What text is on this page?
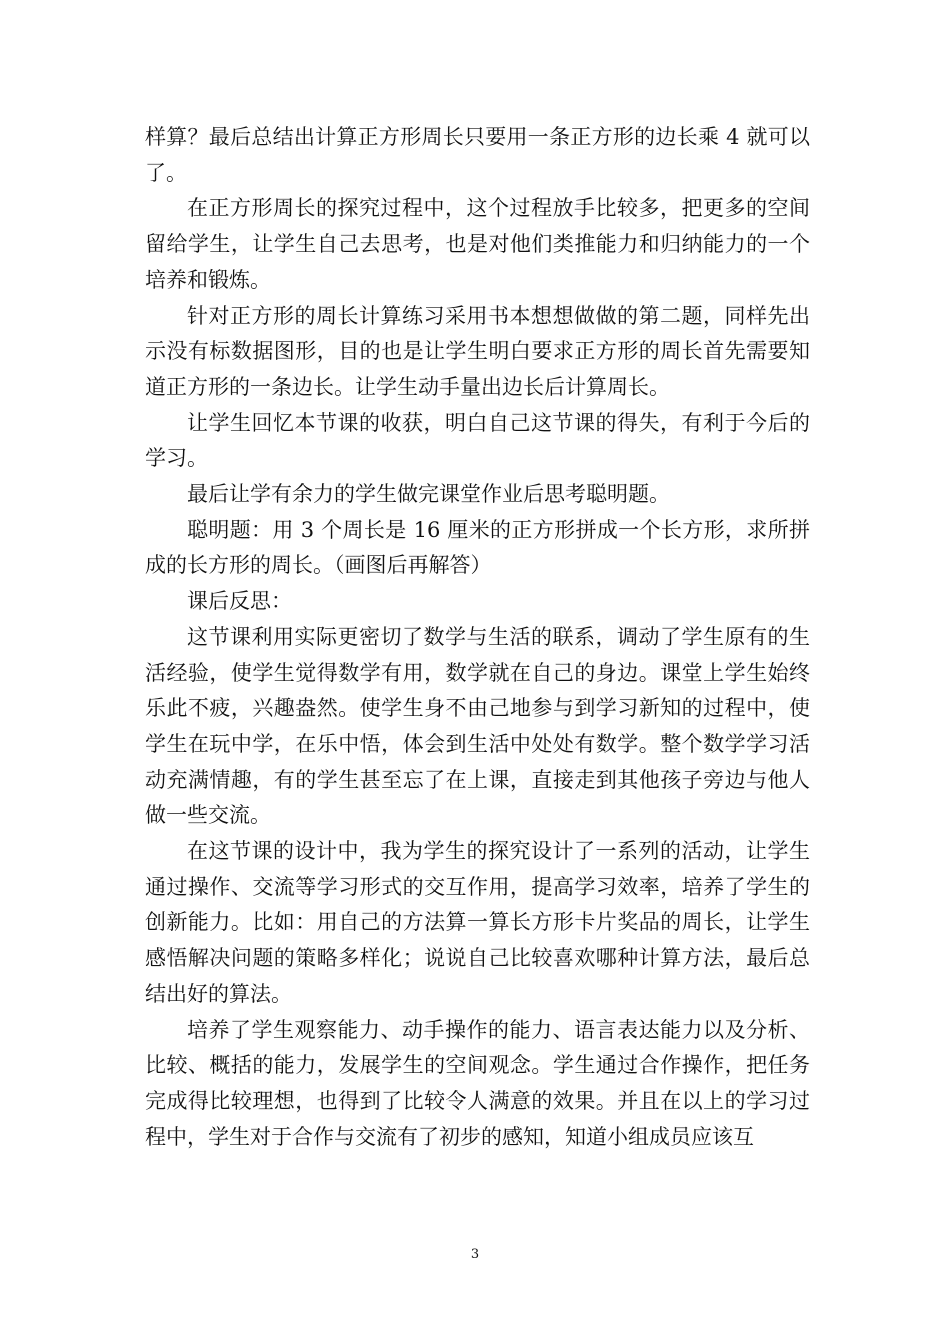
样算？最后总结出计算正方形周长只要用一条正方形的边长乘 4 就可以了。

在正方形周长的探究过程中，这个过程放手比较多，把更多的空间留给学生，让学生自己去思考，也是对他们类推能力和归纳能力的一个培养和锻炼。

针对正方形的周长计算练习采用书本想想做做的第二题，同样先出示没有标数据图形，目的也是让学生明白要求正方形的周长首先需要知道正方形的一条边长。让学生动手量出边长后计算周长。

让学生回忆本节课的收获，明白自己这节课的得失，有利于今后的学习。

最后让学有余力的学生做完课堂作业后思考聪明题。

聪明题：用 3 个周长是 16 厘米的正方形拼成一个长方形，求所拼成的长方形的周长。（画图后再解答）

课后反思：

这节课利用实际更密切了数学与生活的联系，调动了学生原有的生活经验，使学生觉得数学有用，数学就在自己的身边。课堂上学生始终乐此不疲，兴趣盎然。使学生身不由己地参与到学习新知的过程中，使学生在玩中学，在乐中悟，体会到生活中处处有数学。整个数学学习活动充满情趣，有的学生甚至忘了在上课，直接走到其他孩子旁边与他人做一些交流。

在这节课的设计中，我为学生的探究设计了一系列的活动，让学生通过操作、交流等学习形式的交互作用，提高学习效率，培养了学生的创新能力。比如：用自己的方法算一算长方形卡片奖品的周长，让学生感悟解决问题的策略多样化；说说自己比较喜欢哪种计算方法，最后总结出好的算法。

培养了学生观察能力、动手操作的能力、语言表达能力以及分析、比较、概括的能力，发展学生的空间观念。学生通过合作操作，把任务完成得比较理想，也得到了比较令人满意的效果。并且在以上的学习过程中，学生对于合作与交流有了初步的感知，知道小组成员应该互

3
